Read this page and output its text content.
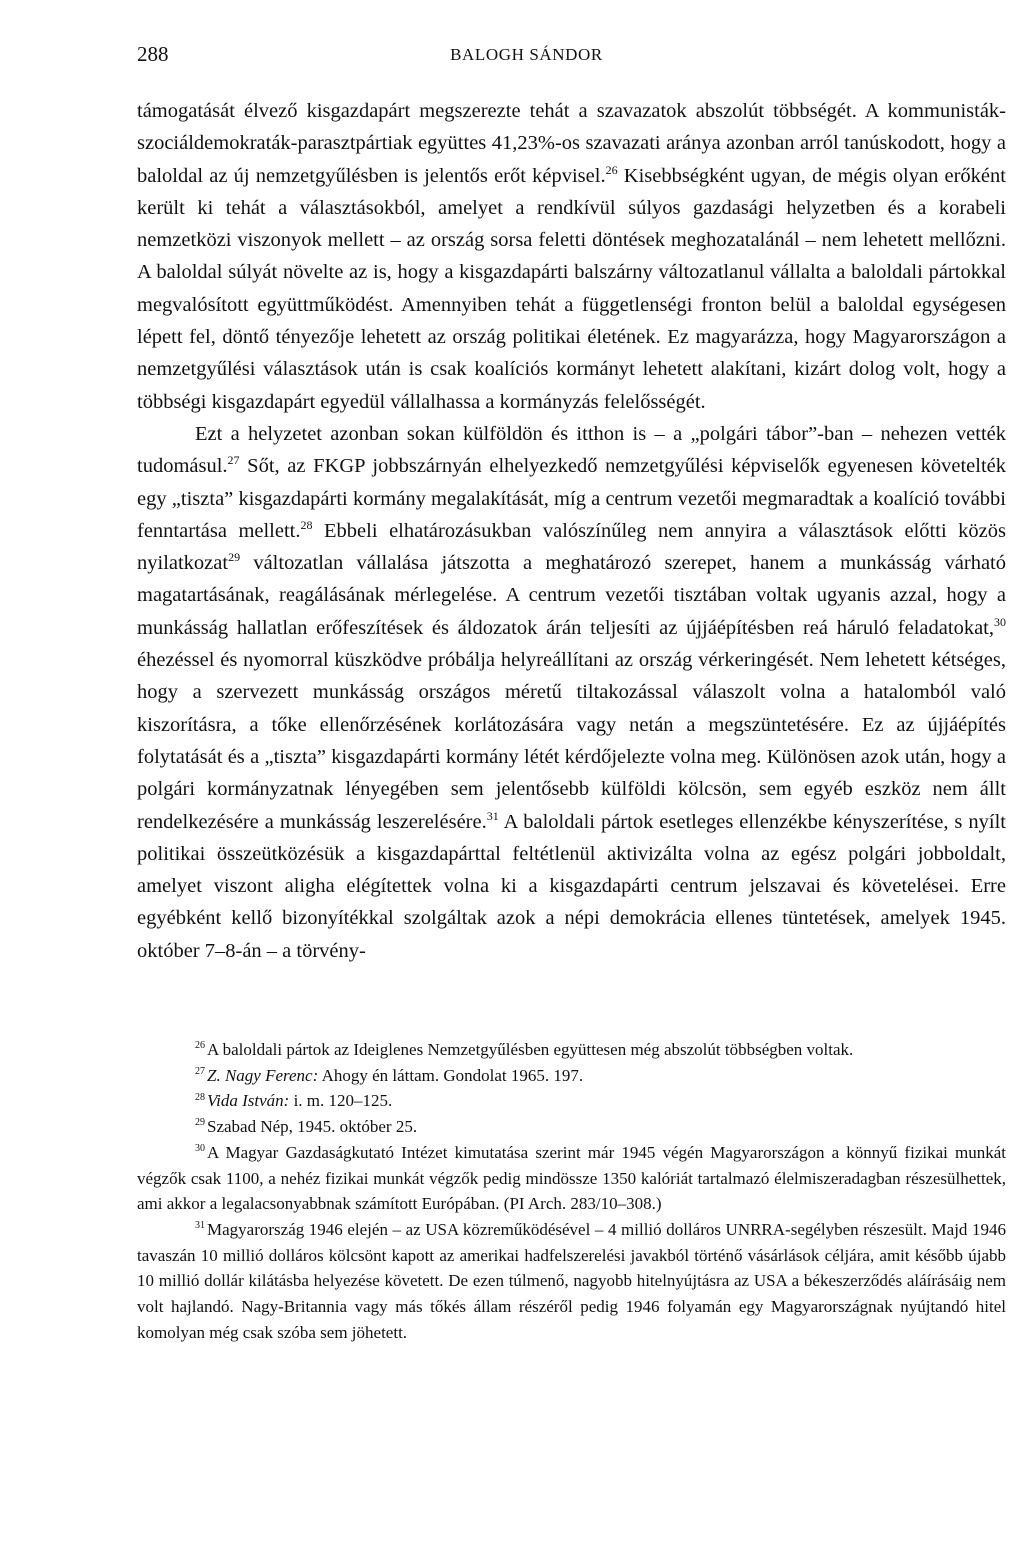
288	BALOGH SÁNDOR

támogatását élvező kisgazdapárt megszerezte tehát a szavazatok abszolút többségét. A kommunisták-szociáldemokraták-parasztpártiak együttes 41,23%-os szavazati aránya azonban arról tanúskodott, hogy a baloldal az új nemzetgyűlésben is jelentős erőt képvisel.$^{26}$ Kisebbségként ugyan, de mégis olyan erőként került ki tehát a választásokból, amelyet a rendkívül súlyos gazdasági helyzetben és a korabeli nemzetközi viszonyok mellett – az ország sorsa feletti döntések meghozatalánál – nem lehetett mellőzni. A baloldal súlyát növelte az is, hogy a kisgazdapárti balszárny változatlanul vállalta a baloldali pártokkal megvalósított együttműködést. Amennyiben tehát a függetlenségi fronton belül a baloldal egységesen lépett fel, döntő tényezője lehetett az ország politikai életének. Ez magyarázza, hogy Magyarországon a nemzetgyűlési választások után is csak koalíciós kormányt lehetett alakítani, kizárt dolog volt, hogy a többségi kisgazdapárt egyedül vállalhassa a kormányzás felelősségét.

Ezt a helyzetet azonban sokan külföldön és itthon is – a „polgári tábor”-ban – nehezen vették tudomásul.$^{27}$ Sőt, az FKGP jobbszárnyán elhelyezkedő nemzetgyűlési képviselők egyenesen követelték egy „tiszta” kisgazdapárti kormány megalakítását, míg a centrum vezetői megmaradtak a koalíció további fenntartása mellett.$^{28}$ Ebbeli elhatározásukban valószínűleg nem annyira a választások előtti közös nyilatkozat$^{29}$ változatlan vállalása játszotta a meghatározó szerepet, hanem a munkásság várható magatartásának, reagálásának mérlegelése. A centrum vezetői tisztában voltak ugyanis azzal, hogy a munkásság hallatlan erőfeszítések és áldozatok árán teljesíti az újjáépítésben reá háruló feladatokat,$^{30}$ éhezéssel és nyomorral küszködve próbálja helyreállítani az ország vérkeringését. Nem lehetett kétséges, hogy a szervezett munkásság országos méretű tiltakozással válaszolt volna a hatalomból való kiszorításra, a tőke ellenőrzésének korlátozására vagy netán a megszüntetésére. Ez az újjáépítés folytatását és a „tiszta” kisgazdapárti kormány létét kérdőjelezte volna meg. Különösen azok után, hogy a polgári kormányzatnak lényegében sem jelentősebb külföldi kölcsön, sem egyéb eszköz nem állt rendelkezésére a munkásság leszerelésére.$^{31}$ A baloldali pártok esetleges ellenzékbe kényszerítése, s nyílt politikai összeütközésük a kisgazdapárttal feltétlenül aktivizálta volna az egész polgári jobboldalt, amelyet viszont aligha elégítettek volna ki a kisgazdapárti centrum jelszavai és követelései. Erre egyébként kellő bizonyítékkal szolgáltak azok a népi demokrácia ellenes tüntetések, amelyek 1945. október 7–8-án – a törvény-

$^{26}$ A baloldali pártok az Ideiglenes Nemzetgyűlésben együttesen még abszolút többségben voltak.

$^{27}$ Z. Nagy Ferenc: Ahogy én láttam. Gondolat 1965. 197.

$^{28}$ Vida István: i. m. 120–125.

$^{29}$ Szabad Nép, 1945. október 25.

$^{30}$ A Magyar Gazdaságkutató Intézet kimutatása szerint már 1945 végén Magyarországon a könnyű fizikai munkát végzők csak 1100, a nehéz fizikai munkát végzők pedig mindössze 1350 kalóriát tartalmazó élelmiszeradagban részesülhettek, ami akkor a legalacsonyabbnak számított Európában. (PI Arch. 283/10–308.)

$^{31}$ Magyarország 1946 elején – az USA közreműködésével – 4 millió dolláros UNRRA-segélyben részesült. Majd 1946 tavaszán 10 millió dolláros kölcsönt kapott az amerikai hadfelszerelési javakból történő vásárlások céljára, amit később újabb 10 millió dollár kilátásba helyezése követett. De ezen túlmenő, nagyobb hitelnyújtásra az USA a békeszerződés aláírásáig nem volt hajlandó. Nagy-Britannia vagy más tőkés állam részéről pedig 1946 folyamán egy Magyarországnak nyújtandó hitel komolyan még csak szóba sem jöhetett.
